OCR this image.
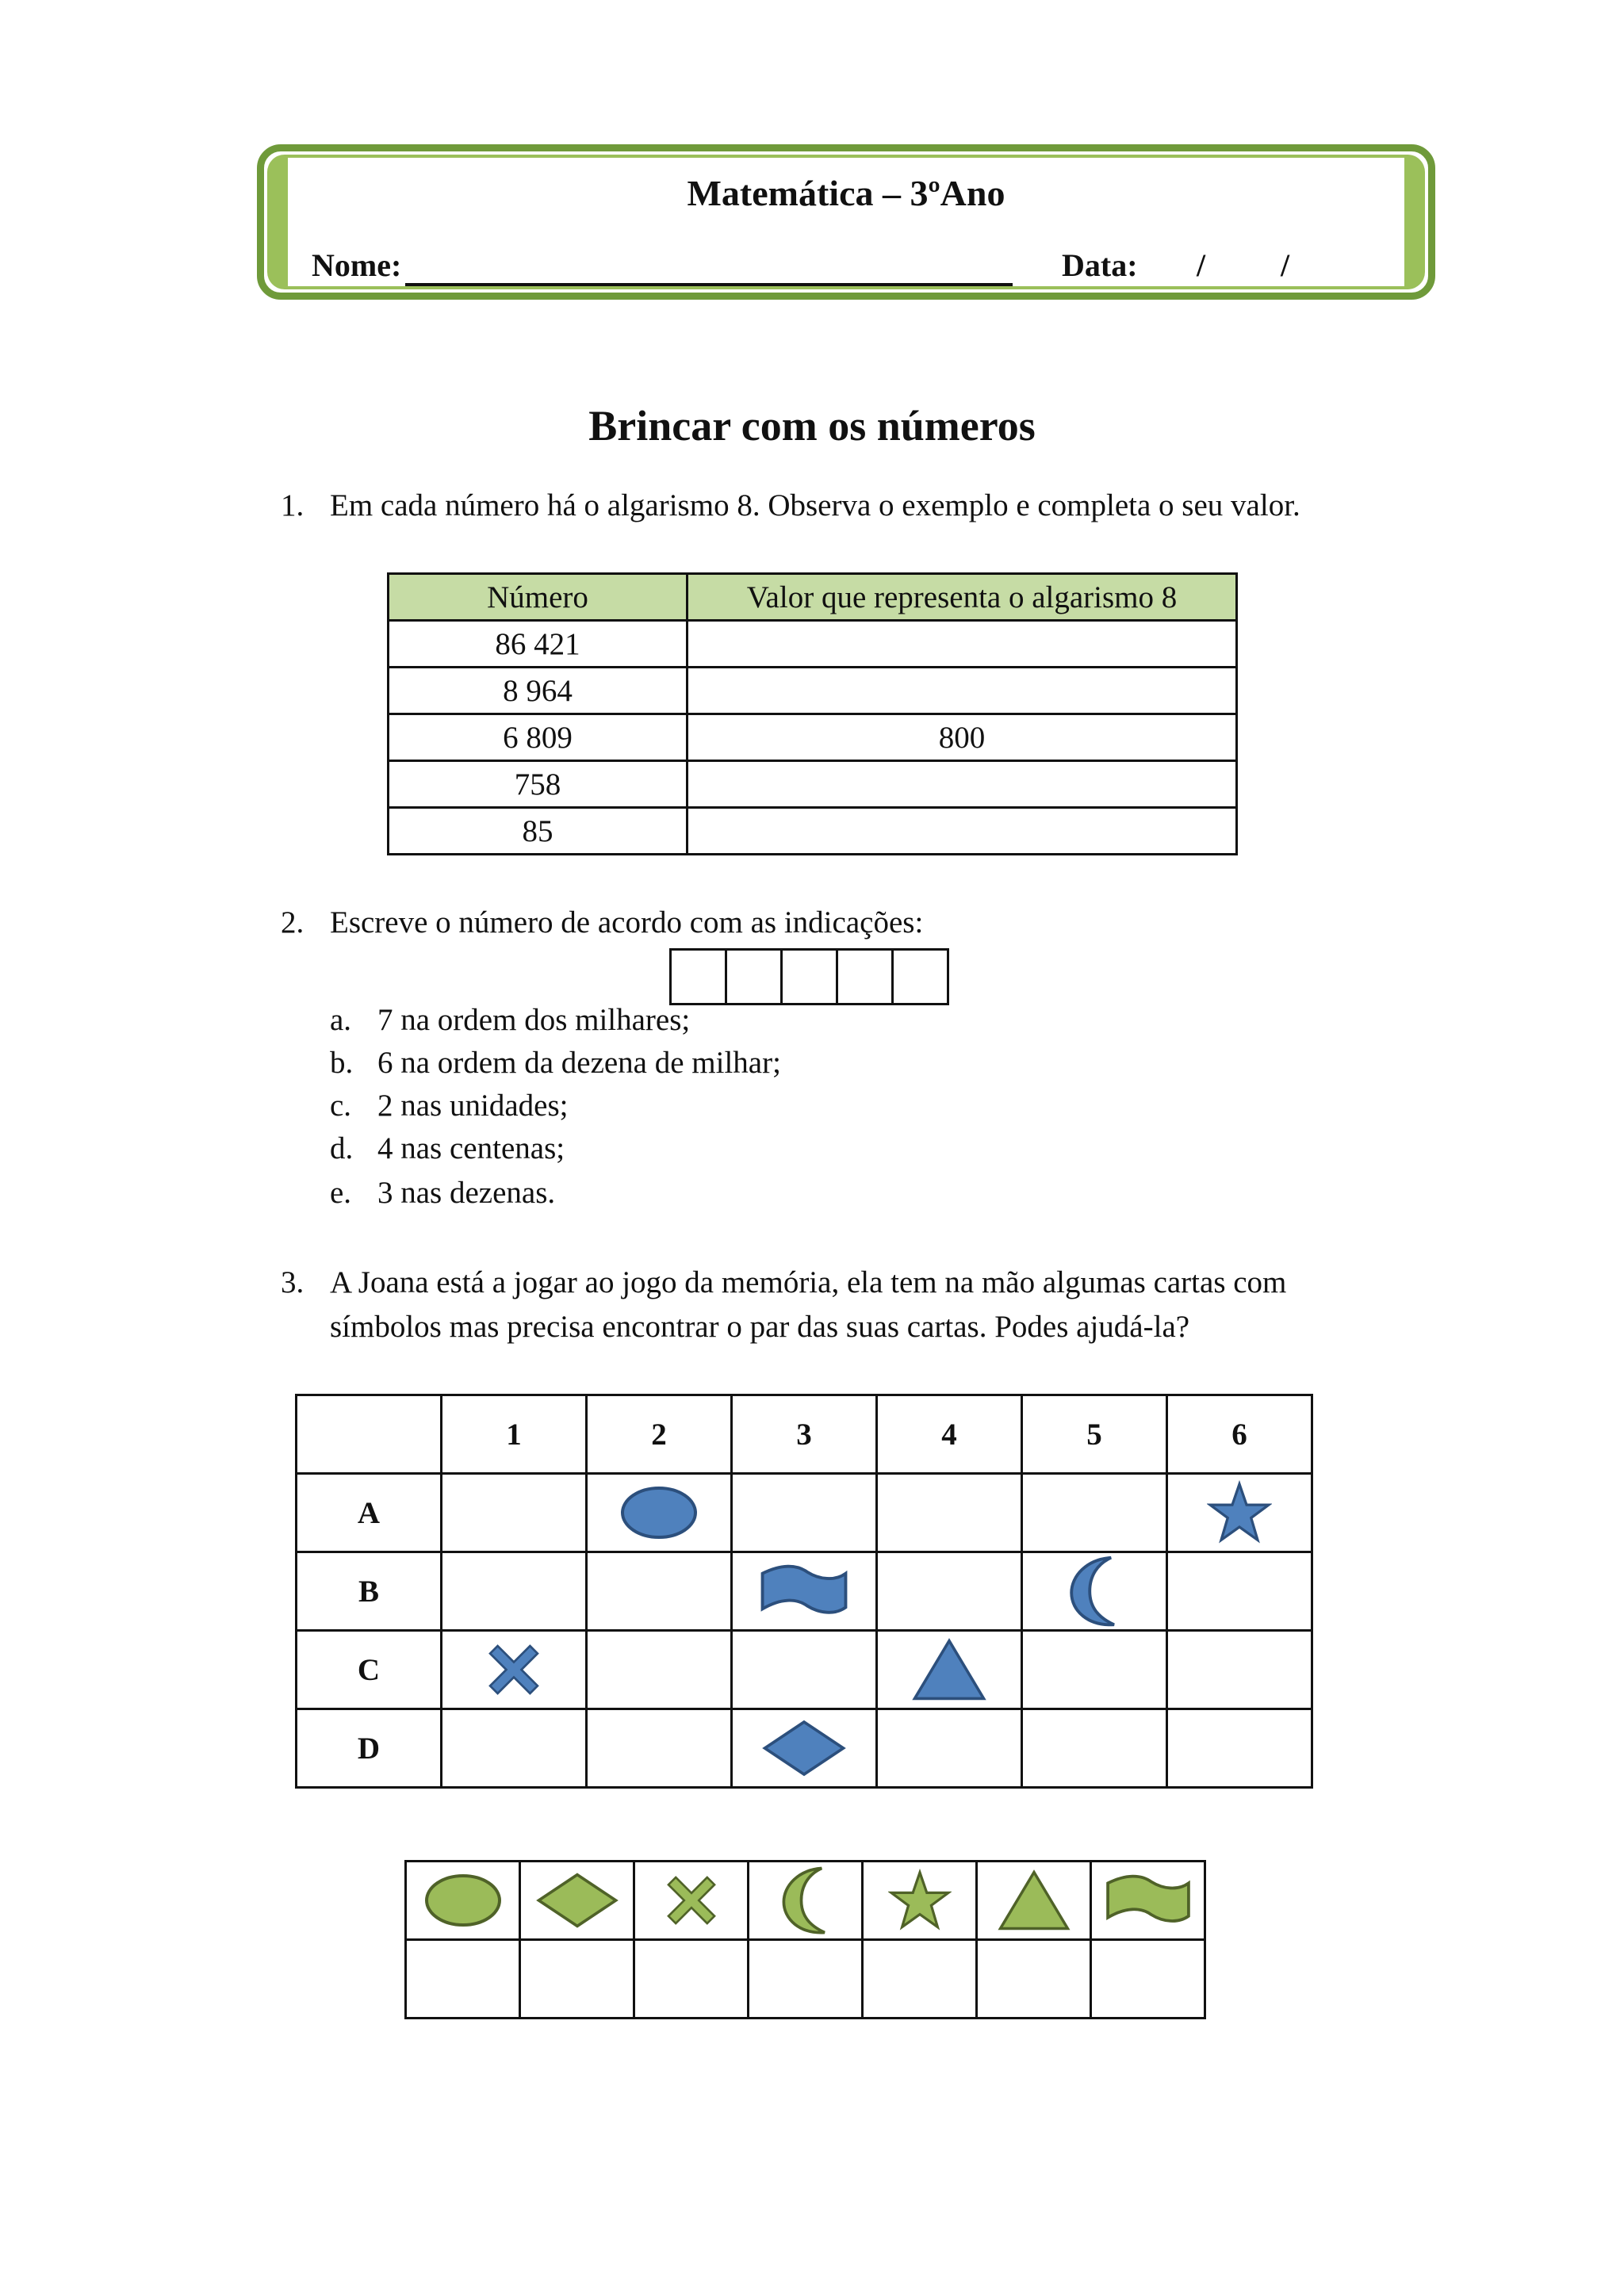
Matemática – 3ºAno
Nome:	Data: / /
Brincar com os números
1. Em cada número há o algarismo 8. Observa o exemplo e completa o seu valor.
Número	Valor que representa o algarismo 8
86 421	
8 964	
6 809	800
758	
85	
2. Escreve o número de acordo com as indicações:
a. 7 na ordem dos milhares;
b. 6 na ordem da dezena de milhar;
c. 2 nas unidades;
d. 4 nas centenas;
e. 3 nas dezenas.
3. A Joana está a jogar ao jogo da memória, ela tem na mão algumas cartas com
símbolos mas precisa encontrar o par das suas cartas. Podes ajudá-la?
	1	2	3	4	5	6
A		

B			

C	

D			
